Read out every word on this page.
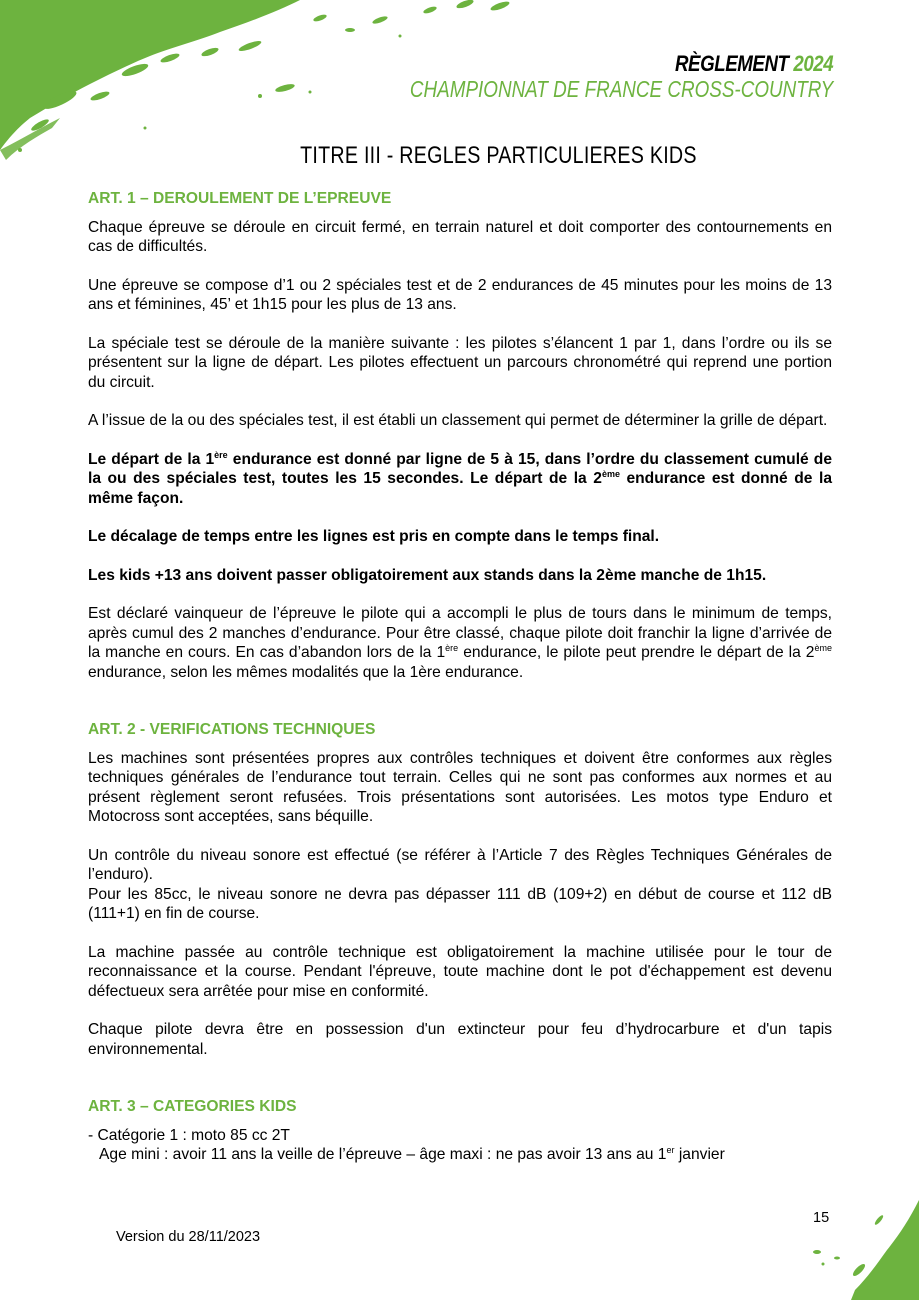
RÈGLEMENT 2024
CHAMPIONNAT DE FRANCE CROSS-COUNTRY
TITRE III - REGLES PARTICULIERES KIDS
ART. 1 – DEROULEMENT DE L’EPREUVE

Chaque épreuve se déroule en circuit fermé, en terrain naturel et doit comporter des contournements en cas de difficultés.

Une épreuve se compose d’1 ou 2 spéciales test et de 2 endurances de 45 minutes pour les moins de 13 ans et féminines, 45’ et 1h15 pour les plus de 13 ans.

La spéciale test se déroule de la manière suivante : les pilotes s’élancent 1 par 1, dans l’ordre ou ils se présentent sur la ligne de départ. Les pilotes effectuent un parcours chronométré qui reprend une portion du circuit.

A l’issue de la ou des spéciales test, il est établi un classement qui permet de déterminer la grille de départ.

Le départ de la 1ère endurance est donné par ligne de 5 à 15, dans l’ordre du classement cumulé de la ou des spéciales test, toutes les 15 secondes. Le départ de la 2ème endurance est donné de la même façon.

Le décalage de temps entre les lignes est pris en compte dans le temps final.

Les kids +13 ans doivent passer obligatoirement aux stands dans la 2ème manche de 1h15.

Est déclaré vainqueur de l’épreuve le pilote qui a accompli le plus de tours dans le minimum de temps, après cumul des 2 manches d’endurance. Pour être classé, chaque pilote doit franchir la ligne d’arrivée de la manche en cours. En cas d’abandon lors de la 1ère endurance, le pilote peut prendre le départ de la 2ème endurance, selon les mêmes modalités que la 1ère endurance.

ART. 2 - VERIFICATIONS TECHNIQUES

Les machines sont présentées propres aux contrôles techniques et doivent être conformes aux règles techniques générales de l’endurance tout terrain. Celles qui ne sont pas conformes aux normes et au présent règlement seront refusées. Trois présentations sont autorisées. Les motos type Enduro et Motocross sont acceptées, sans béquille.

Un contrôle du niveau sonore est effectué (se référer à l’Article 7 des Règles Techniques Générales de l’enduro).

Pour les 85cc, le niveau sonore ne devra pas dépasser 111 dB (109+2) en début de course et 112 dB (111+1) en fin de course.

La machine passée au contrôle technique est obligatoirement la machine utilisée pour le tour de reconnaissance et la course. Pendant l'épreuve, toute machine dont le pot d'échappement est devenu défectueux sera arrêtée pour mise en conformité.

Chaque pilote devra être en possession d'un extincteur pour feu d’hydrocarbure et d'un tapis environnemental.

ART. 3 – CATEGORIES KIDS

- Catégorie 1 : moto 85 cc 2T

Age mini : avoir 11 ans la veille de l’épreuve – âge maxi : ne pas avoir 13 ans au 1er janvier

Version du 28/11/2023
15
